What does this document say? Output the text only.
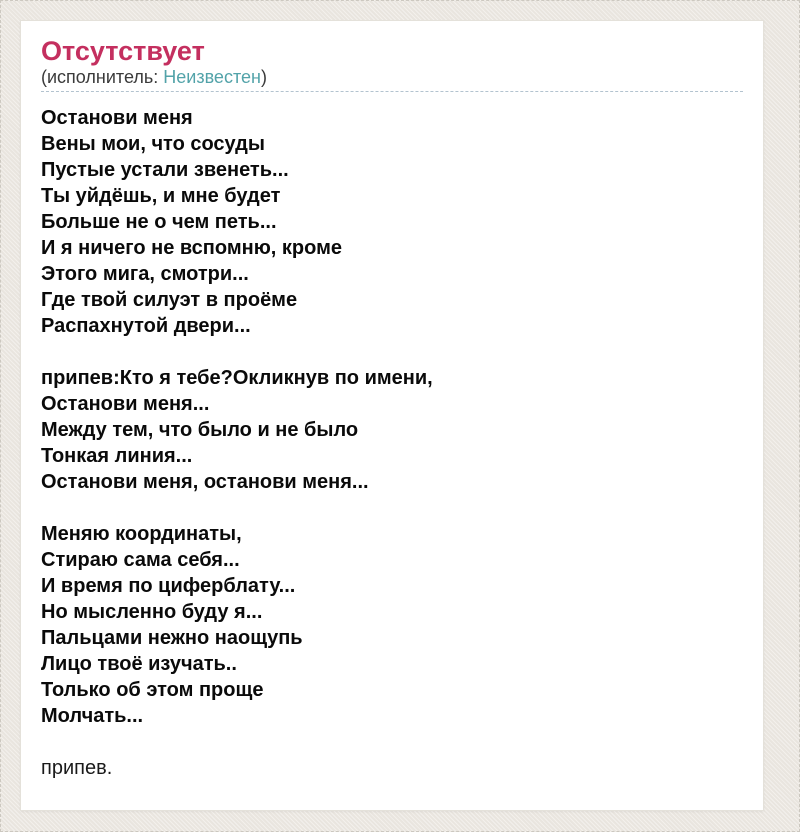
Отсутствует
(исполнитель: Неизвестен)
Останови меня
Вены мои, что сосуды
Пустые устали звенеть...
Ты уйдёшь, и мне будет
Больше не о чем петь...
И я ничего не вспомню, кроме
Этого мига, смотри...
Где твой силуэт в проёме
Распахнутой двери...

припев:Кто я тебе?Окликнув по имени,
Останови меня...
Между тем, что было и не было
Тонкая линия...
Останови меня, останови меня...

Меняю координаты,
Стираю сама себя...
И время по циферблату...
Но мысленно буду я...
Пальцами нежно наощупь
Лицо твоё изучать..
Только об этом проще
Молчать...
припев.
